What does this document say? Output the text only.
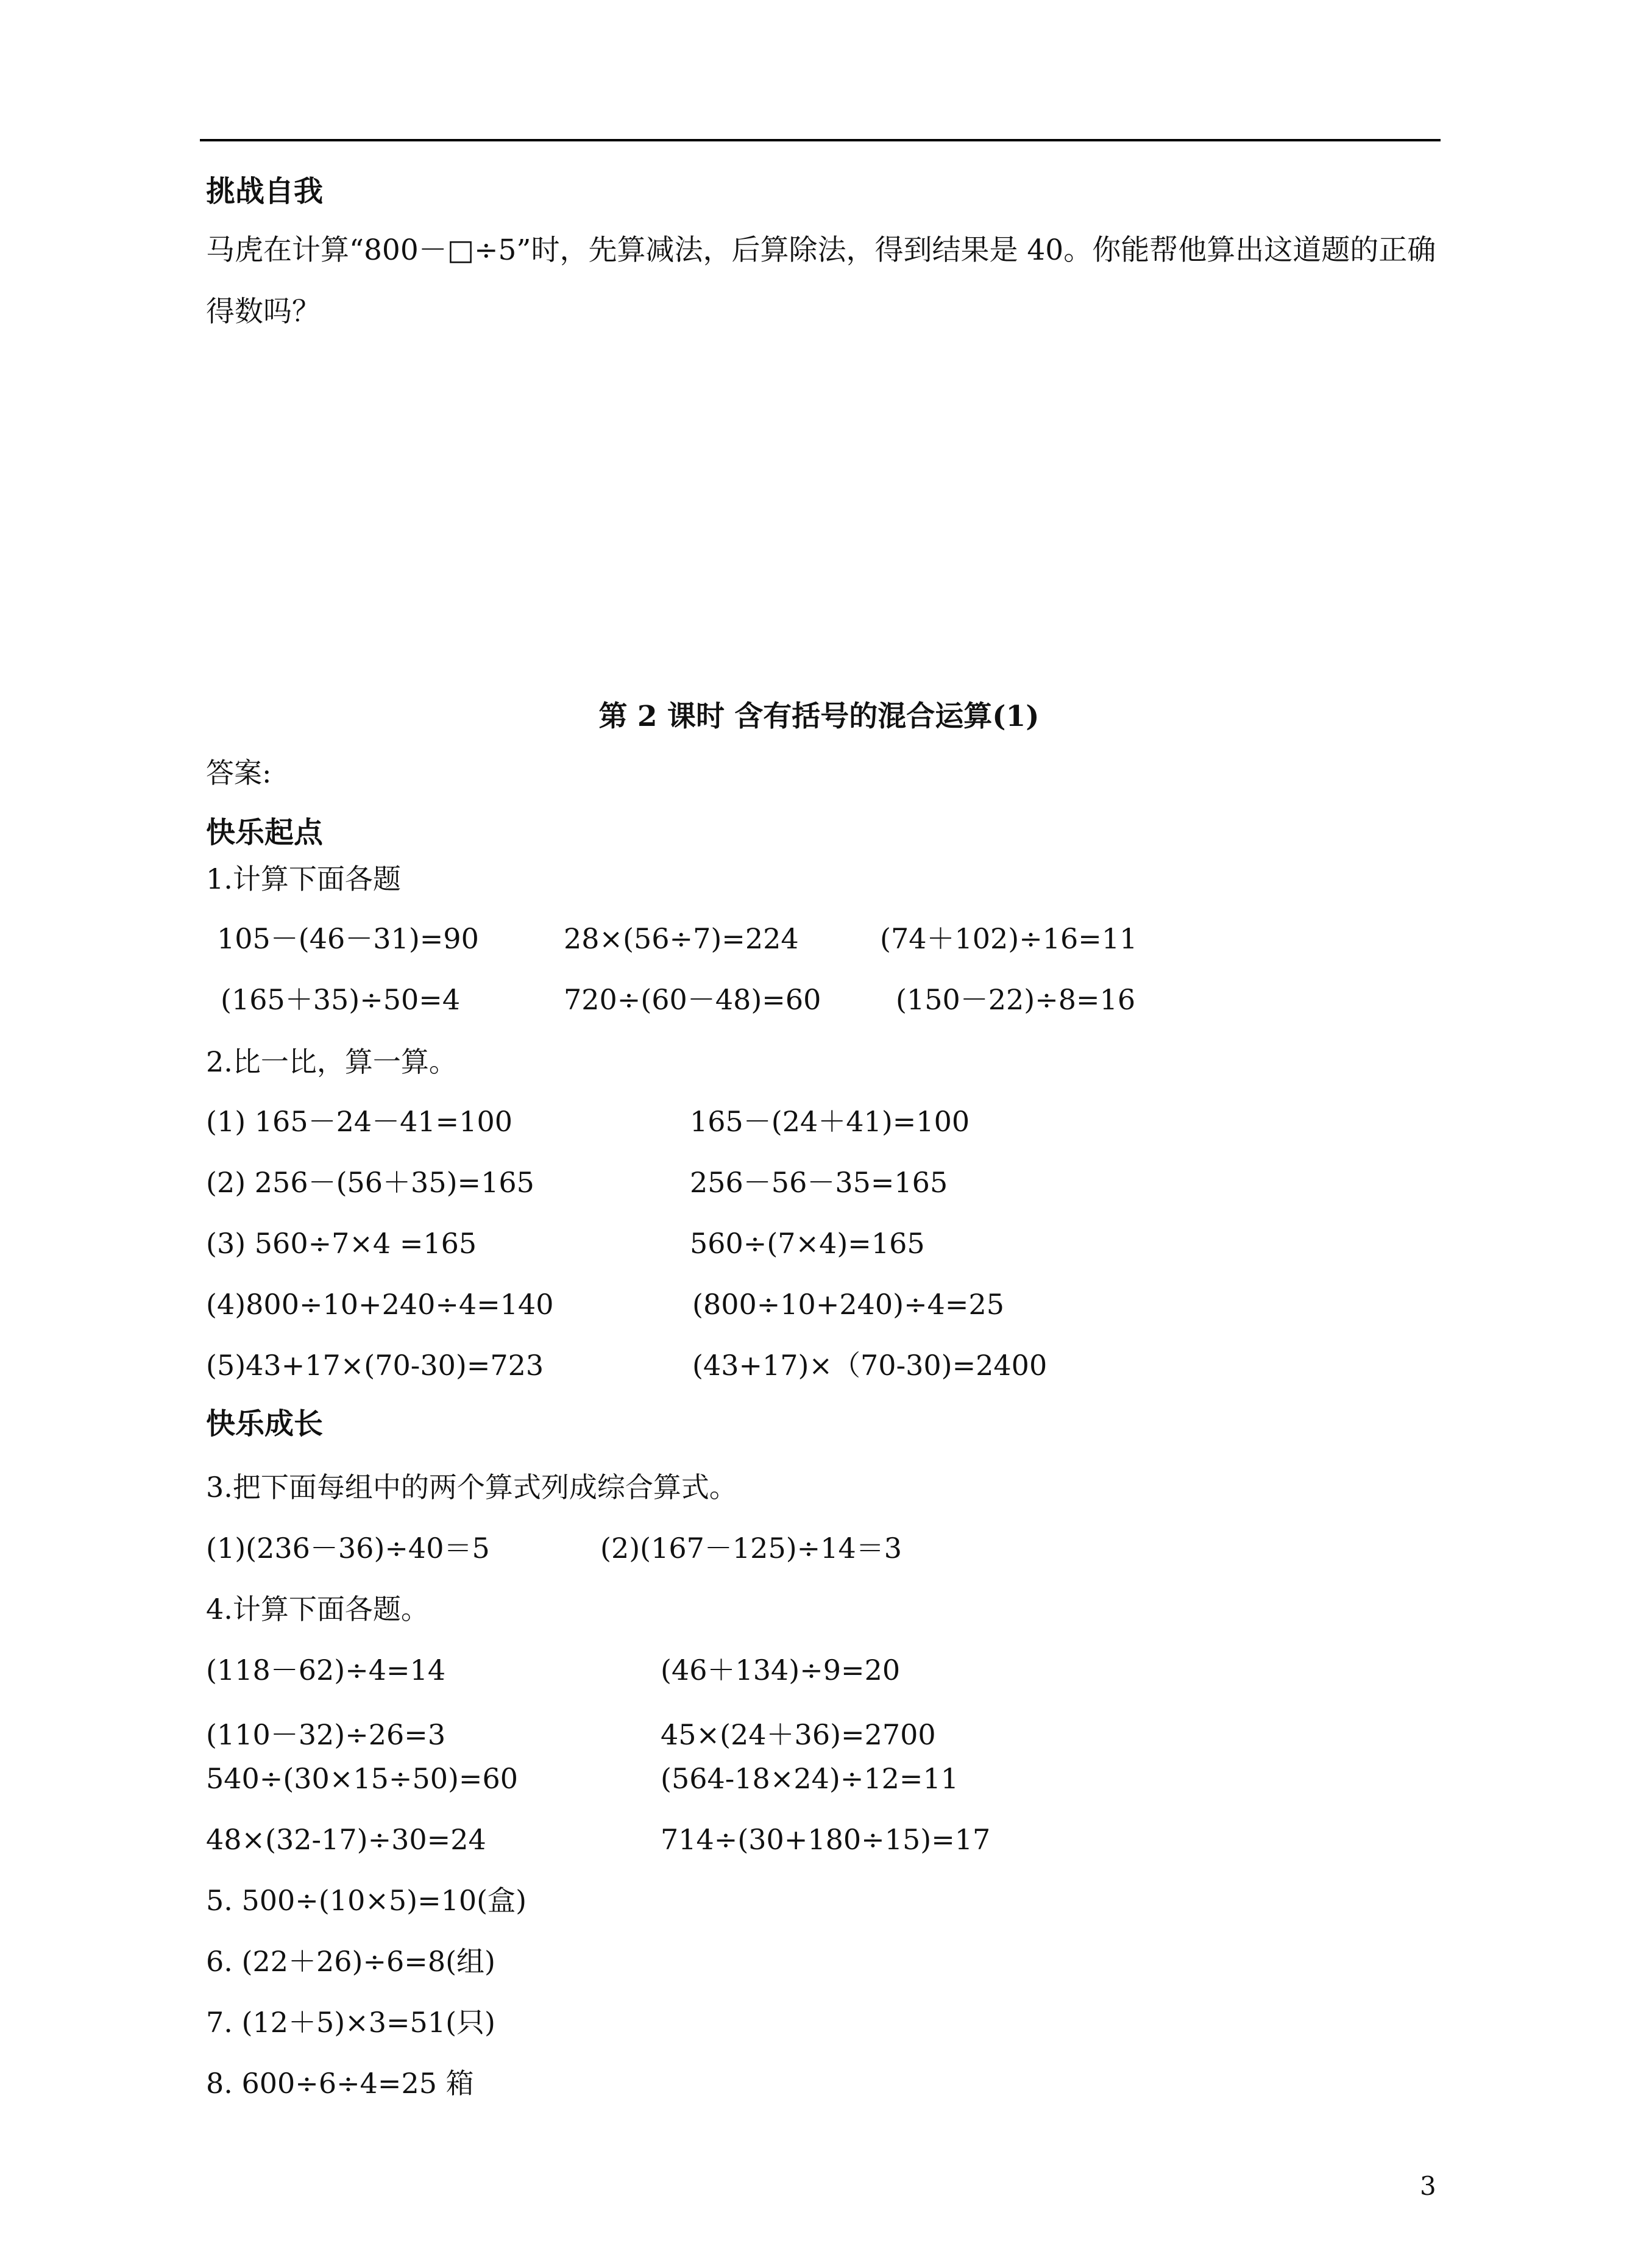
挑战自我
马虎在计算“800－□÷5”时，先算减法，后算除法，得到结果是 40。你能帮他算出这道题的正确得数吗？
第 2 课时 含有括号的混合运算(1)
答案:
快乐起点
1.计算下面各题
105－(46－31)=90	28×(56÷7)=224	(74＋102)÷16=11
(165＋35)÷50=4	720÷(60－48)=60	(150－22)÷8=16
2.比一比，算一算。
(1) 165－24－41=100	165－(24＋41)=100
(2) 256－(56＋35)=165	256－56－35=165
(3) 560÷7×4 =165	560÷(7×4)=165
(4)800÷10+240÷4=140	(800÷10+240)÷4=25
(5)43+17×(70-30)=723	(43+17)×（70-30)=2400
快乐成长
3.把下面每组中的两个算式列成综合算式。
(1)(236－36)÷40＝5	(2)(167－125)÷14＝3
4.计算下面各题。
(118－62)÷4=14	(46＋134)÷9=20
(110－32)÷26=3	45×(24＋36)=2700
540÷(30×15÷50)=60	(564-18×24)÷12=11
48×(32-17)÷30=24	714÷(30+180÷15)=17
5. 500÷(10×5)=10(盒)
6. (22＋26)÷6=8(组)
7. (12＋5)×3=51(只)
8. 600÷6÷4=25 箱
3
